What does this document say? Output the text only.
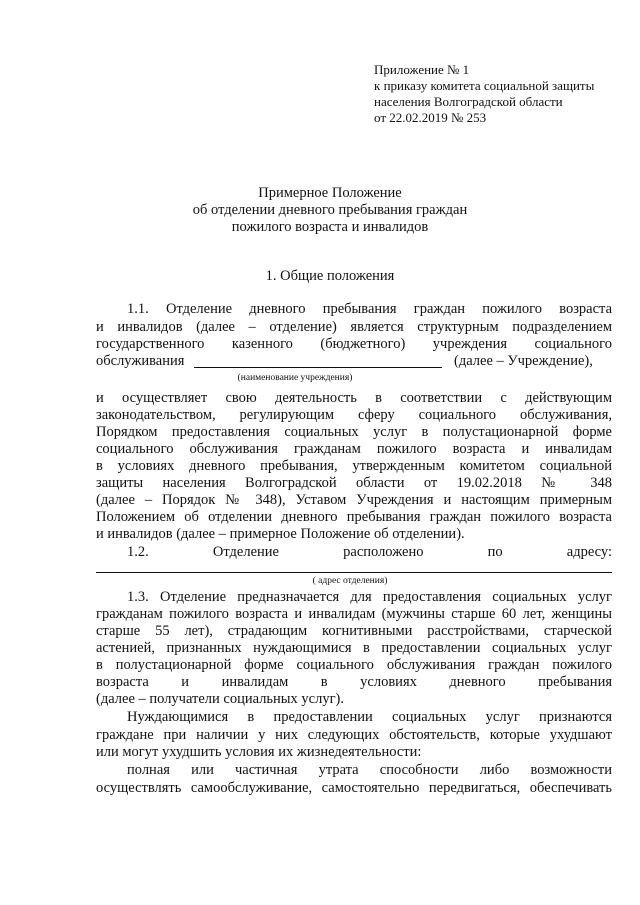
Приложение № 1
к приказу комитета социальной защиты
населения Волгоградской области
от 22.02.2019 № 253
Примерное Положение
об отделении дневного пребывания граждан
пожилого возраста и инвалидов
1. Общие положения
1.1. Отделение дневного пребывания граждан пожилого возраста
и инвалидов (далее – отделение) является структурным подразделением
государственного казенного (бюджетного) учреждения социального
обслуживания	(далее – Учреждение),
(наименование учреждения)
и осуществляет свою деятельность в соответствии с действующим
законодательством, регулирующим сферу социального обслуживания,
Порядком предоставления социальных услуг в полустационарной форме
социального обслуживания гражданам пожилого возраста и инвалидам
в условиях дневного пребывания, утвержденным комитетом социальной
защиты населения Волгоградской области от 19.02.2018 № 348
(далее – Порядок № 348), Уставом Учреждения и настоящим примерным
Положением об отделении дневного пребывания граждан пожилого возраста
и инвалидов (далее – примерное Положение об отделении).
1.2. Отделение расположено по адресу:
( адрес отделения)
1.3. Отделение предназначается для предоставления социальных услуг
гражданам пожилого возраста и инвалидам (мужчины старше 60 лет, женщины
старше 55 лет), страдающим когнитивными расстройствами, старческой
астенией, признанных нуждающимися в предоставлении социальных услуг
в полустационарной форме социального обслуживания граждан пожилого
возраста и инвалидам в условиях дневного пребывания
(далее – получатели социальных услуг).
Нуждающимися в предоставлении социальных услуг признаются
граждане при наличии у них следующих обстоятельств, которые ухудшают
или могут ухудшить условия их жизнедеятельности:
полная или частичная утрата способности либо возможности
осуществлять самообслуживание, самостоятельно передвигаться, обеспечивать
